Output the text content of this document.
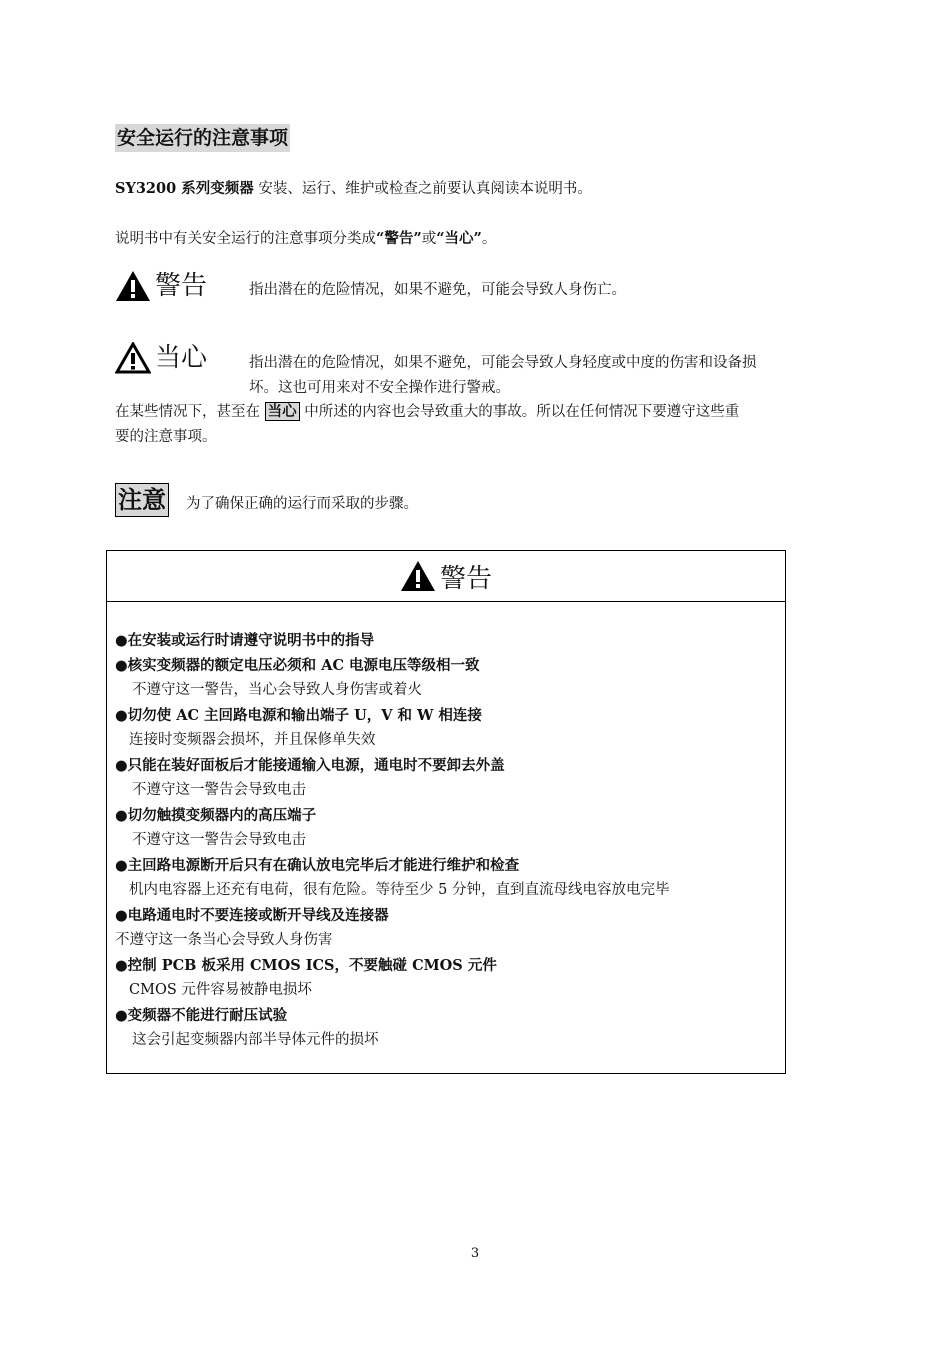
安全运行的注意事项
SY3200 系列变频器 安装、运行、维护或检查之前要认真阅读本说明书。
说明书中有关安全运行的注意事项分类成“警告”或“当心”。
警告	指出潜在的危险情况，如果不避免，可能会导致人身伤亡。
当心	指出潜在的危险情况，如果不避免，可能会导致人身轻度或中度的伤害和设备损
坏。这也可用来对不安全操作进行警戒。
在某些情况下，甚至在 当心 中所述的内容也会导致重大的事故。所以在任何情况下要遵守这些重
要的注意事项。
注意 为了确保正确的运行而采取的步骤。
警告
●在安装或运行时请遵守说明书中的指导
●核实变频器的额定电压必须和 AC 电源电压等级相一致
不遵守这一警告，当心会导致人身伤害或着火
●切勿使 AC 主回路电源和输出端子 U，V 和 W 相连接
连接时变频器会损坏，并且保修单失效
●只能在装好面板后才能接通输入电源，通电时不要卸去外盖
不遵守这一警告会导致电击
●切勿触摸变频器内的高压端子
不遵守这一警告会导致电击
●主回路电源断开后只有在确认放电完毕后才能进行维护和检查
机内电容器上还充有电荷，很有危险。等待至少 5 分钟，直到直流母线电容放电完毕
●电路通电时不要连接或断开导线及连接器
不遵守这一条当心会导致人身伤害
●控制 PCB 板采用 CMOS ICS，不要触碰 CMOS 元件
CMOS 元件容易被静电损坏
●变频器不能进行耐压试验
这会引起变频器内部半导体元件的损坏
3
